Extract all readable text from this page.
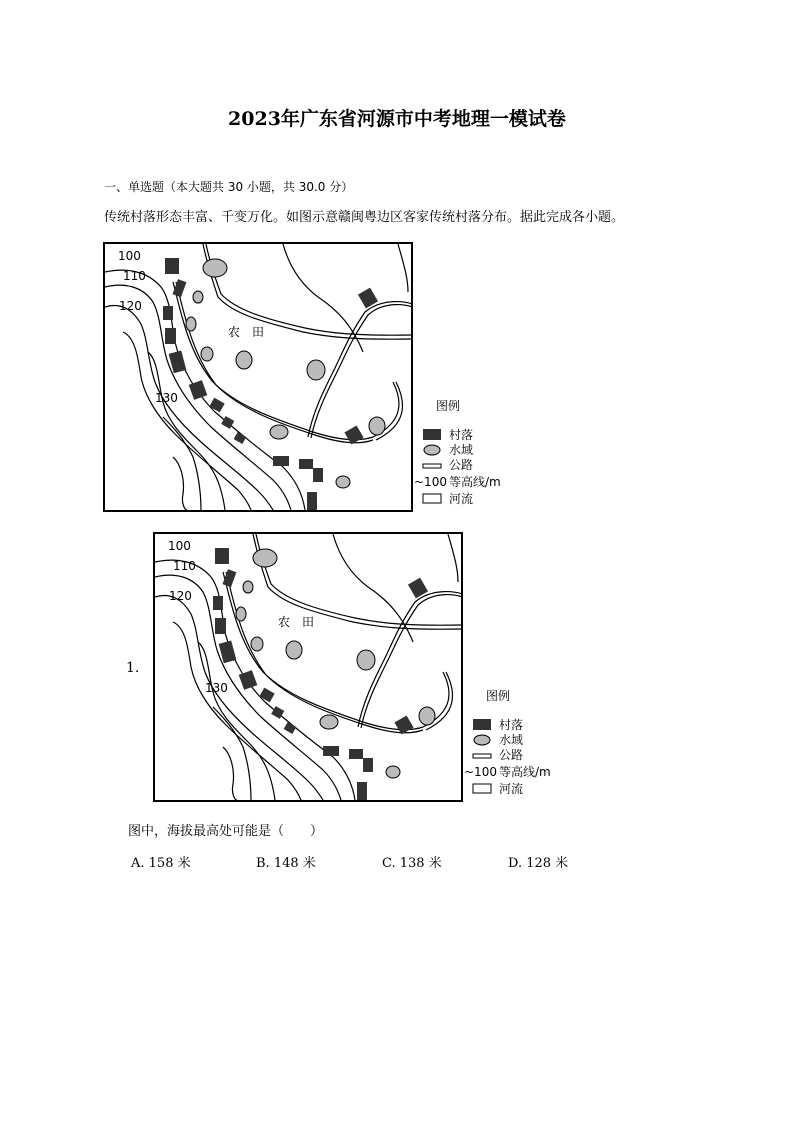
2023年广东省河源市中考地理一模试卷
一、单选题（本大题共 30 小题，共 30.0 分）
传统村落形态丰富、千变万化。如图示意赣闽粤边区客家传统村落分布。据此完成各小题。
100
110
120
130
农　田
图例
村落
水域
公路
~100 等高线/m
河流
100
110
120
130
农　田
图例
村落
水域
公路
~100 等高线/m
河流
1.
图中，海拔最高处可能是（　　）
A. 158 米	B. 148 米	C. 138 米	D. 128 米
